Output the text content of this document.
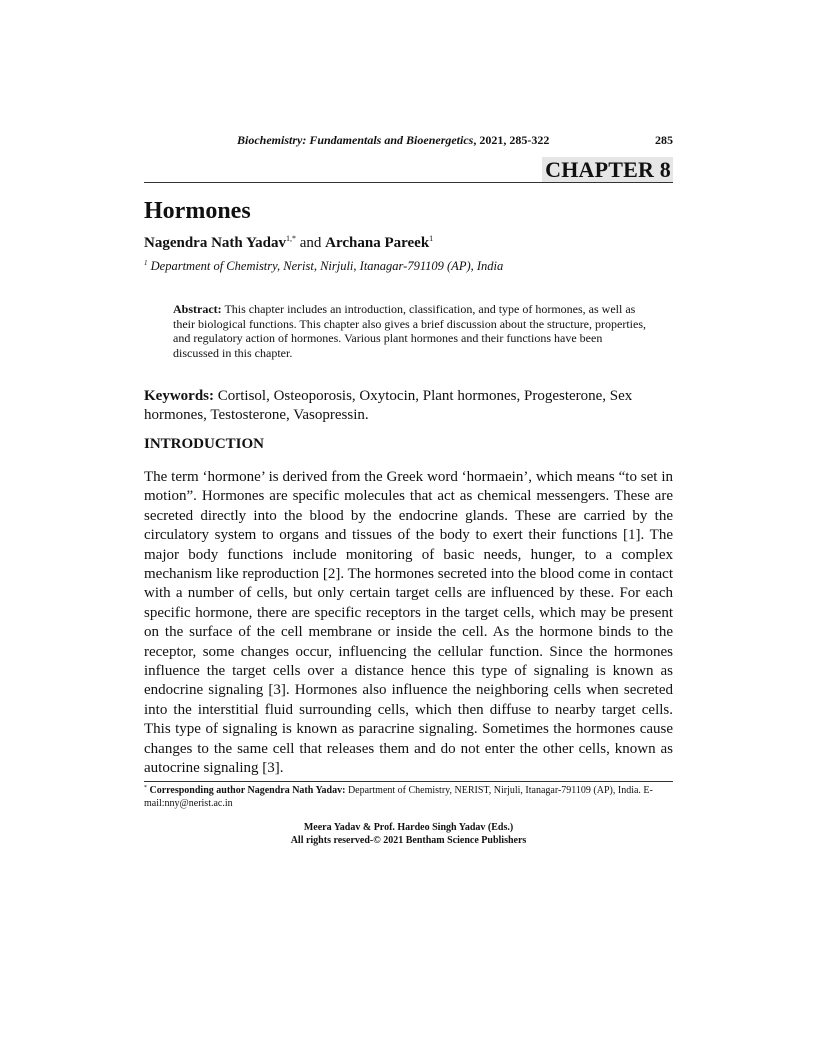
Biochemistry: Fundamentals and Bioenergetics, 2021, 285-322	285
CHAPTER 8
Hormones
Nagendra Nath Yadav$^{1,*}$ and Archana Pareek$^1$
$^1$ Department of Chemistry, Nerist, Nirjuli, Itanagar-791109 (AP), India

Abstract: This chapter includes an introduction, classification, and type of hormones, as well as their biological functions. This chapter also gives a brief discussion about the structure, properties, and regulatory action of hormones. Various plant hormones and their functions have been discussed in this chapter.

Keywords: Cortisol, Osteoporosis, Oxytocin, Plant hormones, Progesterone, Sex hormones, Testosterone, Vasopressin.

INTRODUCTION

The term ‘hormone’ is derived from the Greek word ‘hormaein’, which means “to set in motion”. Hormones are specific molecules that act as chemical messengers. These are secreted directly into the blood by the endocrine glands. These are carried by the circulatory system to organs and tissues of the body to exert their functions [1]. The major body functions include monitoring of basic needs, hunger, to a complex mechanism like reproduction [2]. The hormones secreted into the blood come in contact with a number of cells, but only certain target cells are influenced by these. For each specific hormone, there are specific receptors in the target cells, which may be present on the surface of the cell membrane or inside the cell. As the hormone binds to the receptor, some changes occur, influencing the cellular function. Since the hormones influence the target cells over a distance hence this type of signaling is known as endocrine signaling [3]. Hormones also influence the neighboring cells when secreted into the interstitial fluid surrounding cells, which then diffuse to nearby target cells. This type of signaling is known as paracrine signaling. Sometimes the hormones cause changes to the same cell that releases them and do not enter the other cells, known as autocrine signaling [3].

* Corresponding author Nagendra Nath Yadav: Department of Chemistry, NERIST, Nirjuli, Itanagar-791109 (AP), India. E-mail:nny@nerist.ac.in

Meera Yadav & Prof. Hardeo Singh Yadav (Eds.)
All rights reserved-© 2021 Bentham Science Publishers
